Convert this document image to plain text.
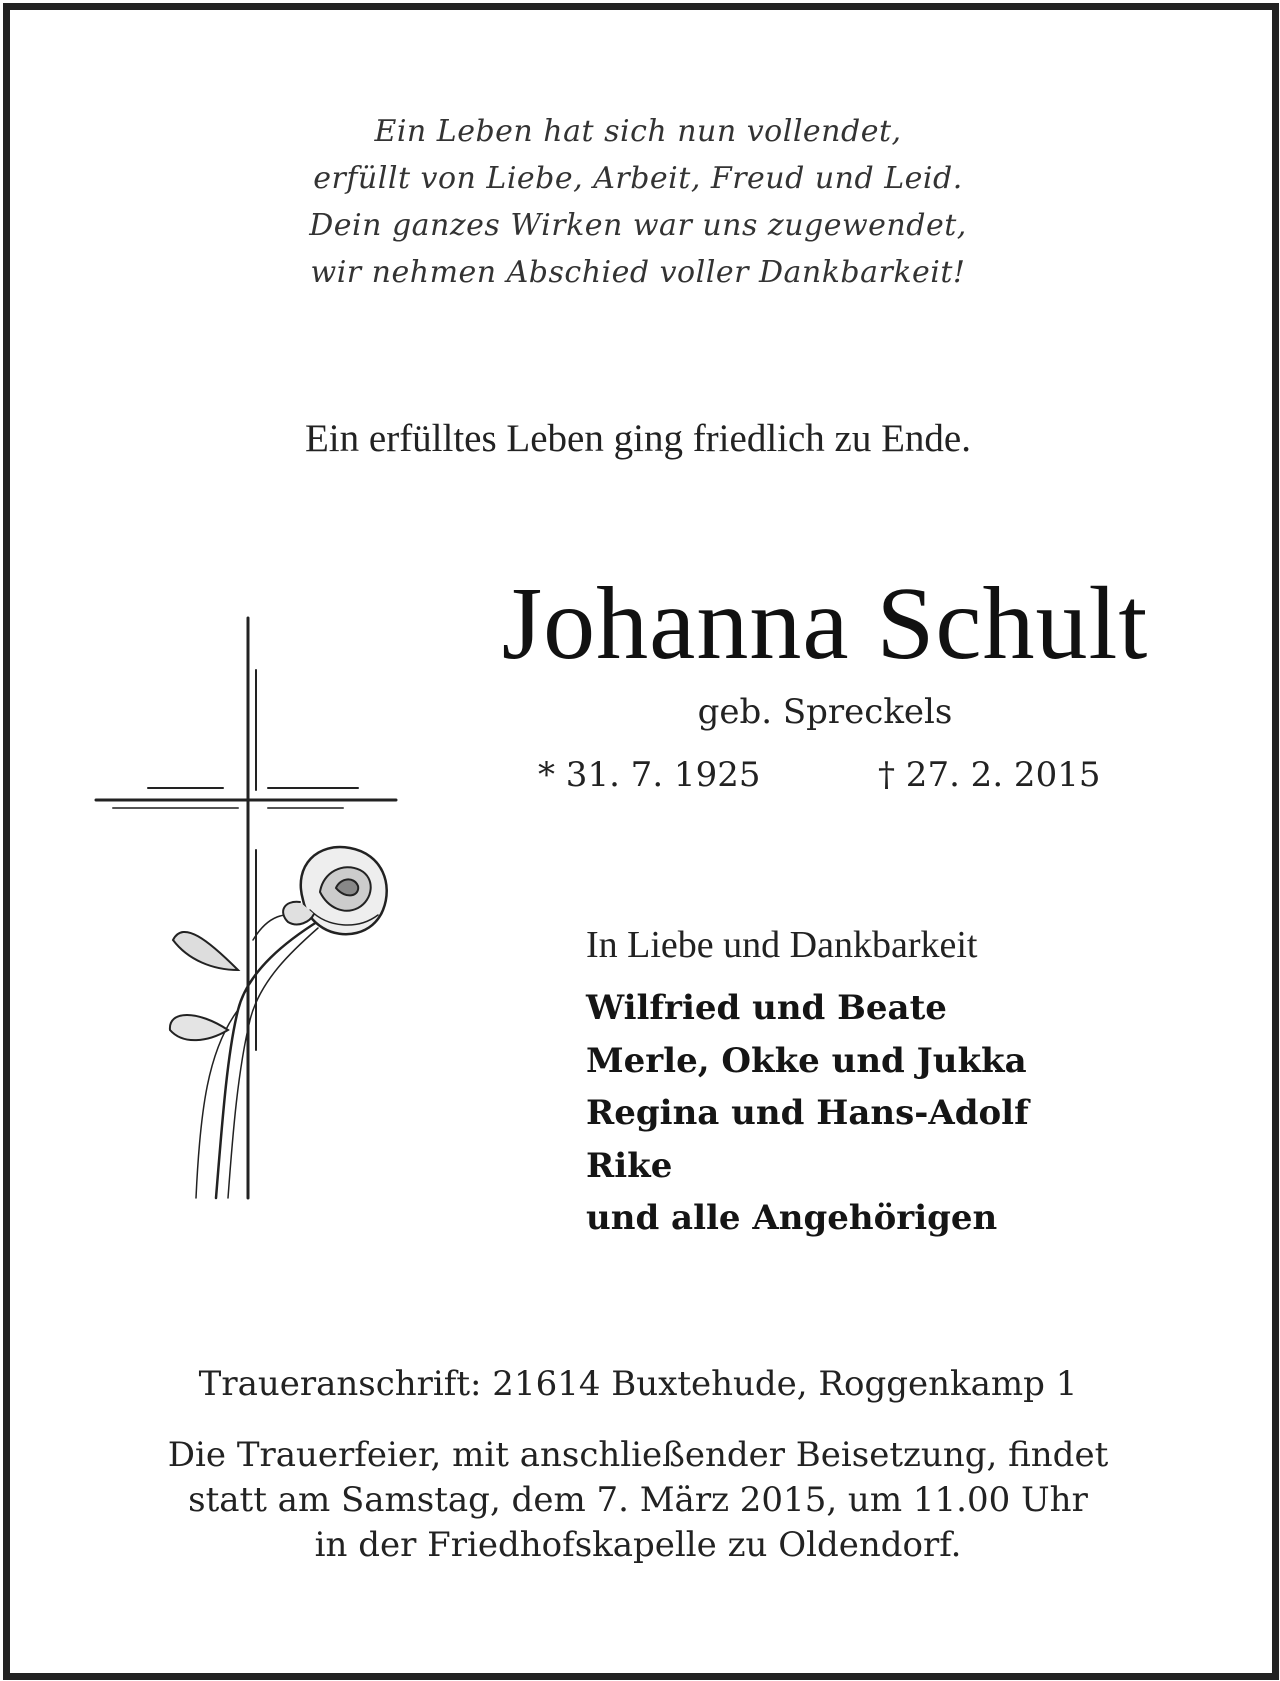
Ein Leben hat sich nun vollendet,
erfüllt von Liebe, Arbeit, Freud und Leid.
Dein ganzes Wirken war uns zugewendet,
wir nehmen Abschied voller Dankbarkeit!
Ein erfülltes Leben ging friedlich zu Ende.
Johanna Schult
geb. Spreckels
* 31. 7. 1925	† 27. 2. 2015
In Liebe und Dankbarkeit
Wilfried und Beate
Merle, Okke und Jukka
Regina und Hans-Adolf
Rike
und alle Angehörigen
Traueranschrift: 21614 Buxtehude, Roggenkamp 1
Die Trauerfeier, mit anschließender Beisetzung, findet
statt am Samstag, dem 7. März 2015, um 11.00 Uhr
in der Friedhofskapelle zu Oldendorf.
